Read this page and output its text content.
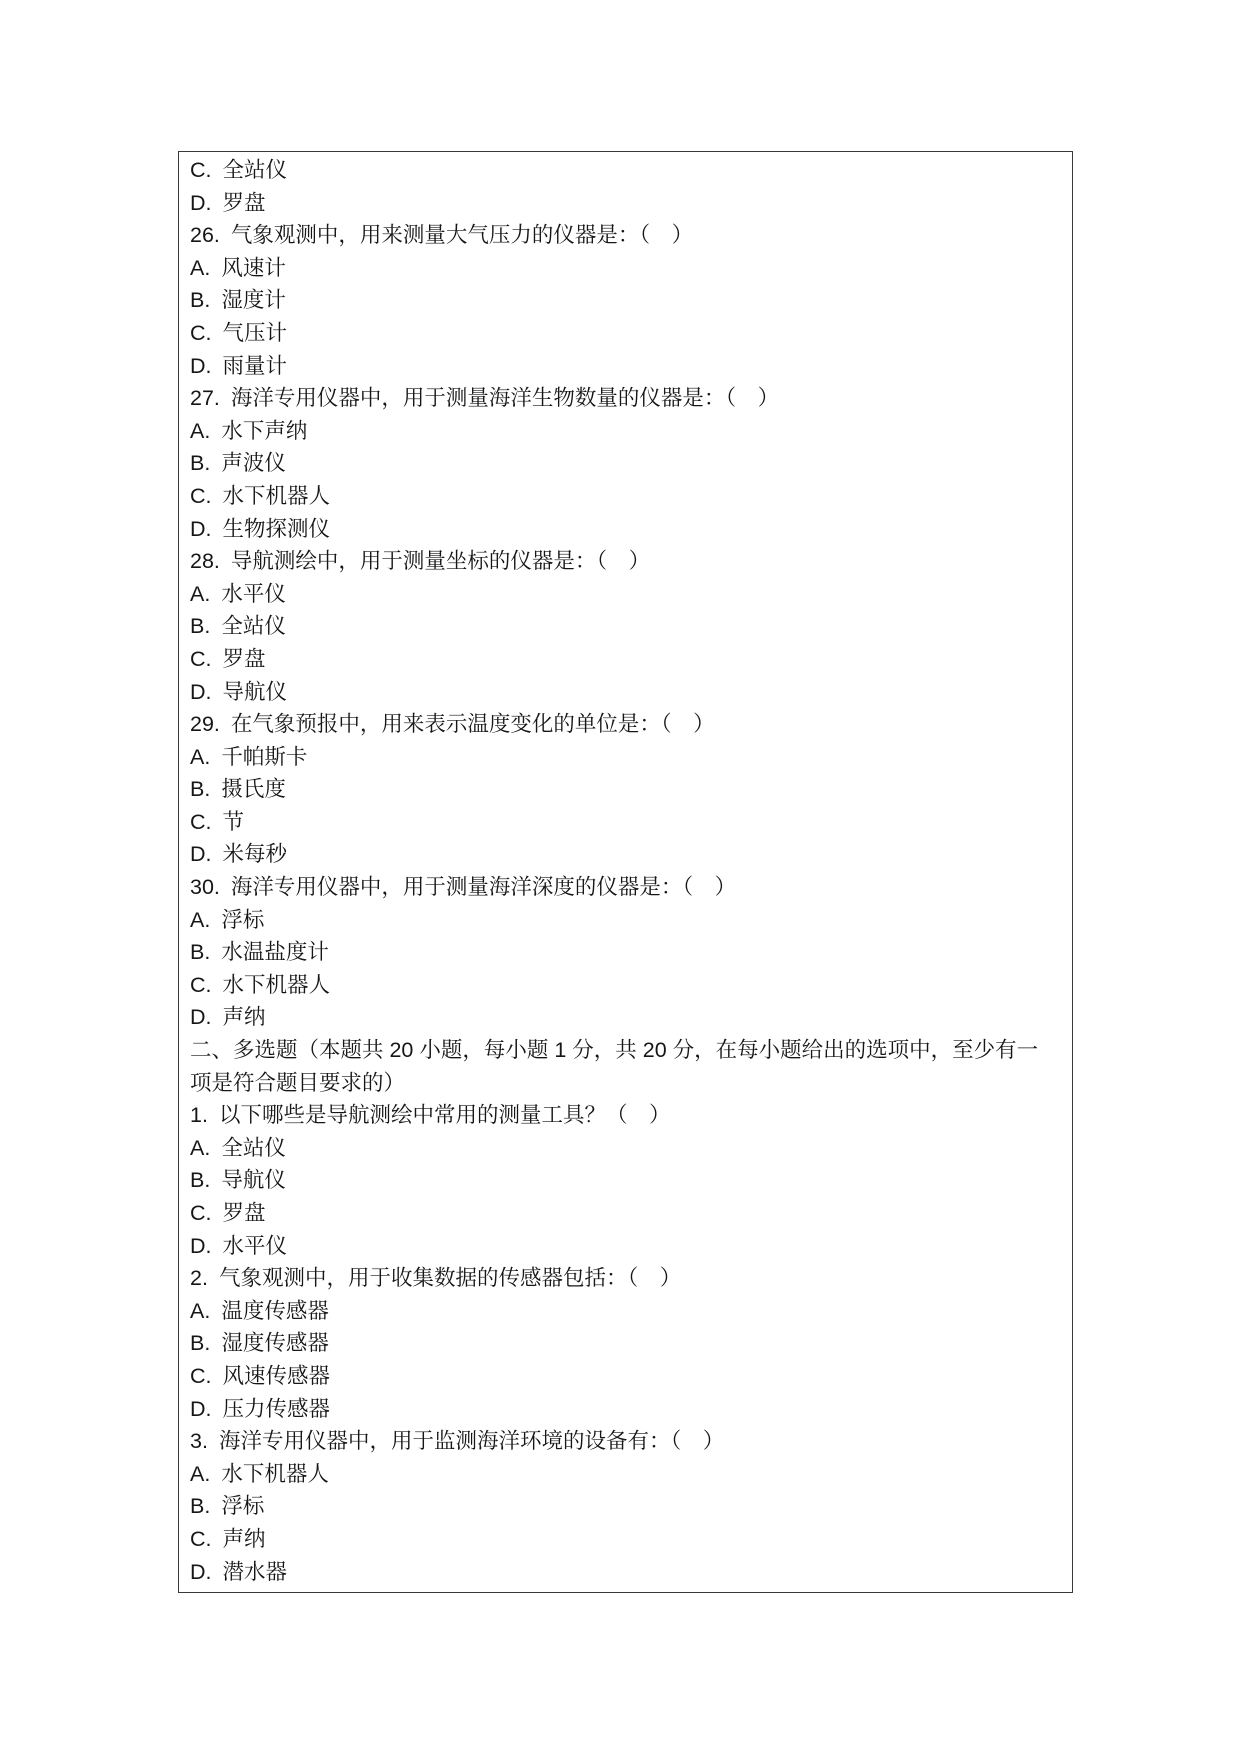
C. 全站仪
D. 罗盘
26. 气象观测中，用来测量大气压力的仪器是：（　）
A. 风速计
B. 湿度计
C. 气压计
D. 雨量计
27. 海洋专用仪器中，用于测量海洋生物数量的仪器是：（　）
A. 水下声纳
B. 声波仪
C. 水下机器人
D. 生物探测仪
28. 导航测绘中，用于测量坐标的仪器是：（　）
A. 水平仪
B. 全站仪
C. 罗盘
D. 导航仪
29. 在气象预报中，用来表示温度变化的单位是：（　）
A. 千帕斯卡
B. 摄氏度
C. 节
D. 米每秒
30. 海洋专用仪器中，用于测量海洋深度的仪器是：（　）
A. 浮标
B. 水温盐度计
C. 水下机器人
D. 声纳
二、多选题（本题共 20 小题，每小题 1 分，共 20 分，在每小题给出的选项中，至少有一
项是符合题目要求的）
1. 以下哪些是导航测绘中常用的测量工具？（　）
A. 全站仪
B. 导航仪
C. 罗盘
D. 水平仪
2. 气象观测中，用于收集数据的传感器包括：（　）
A. 温度传感器
B. 湿度传感器
C. 风速传感器
D. 压力传感器
3. 海洋专用仪器中，用于监测海洋环境的设备有：（　）
A. 水下机器人
B. 浮标
C. 声纳
D. 潜水器
